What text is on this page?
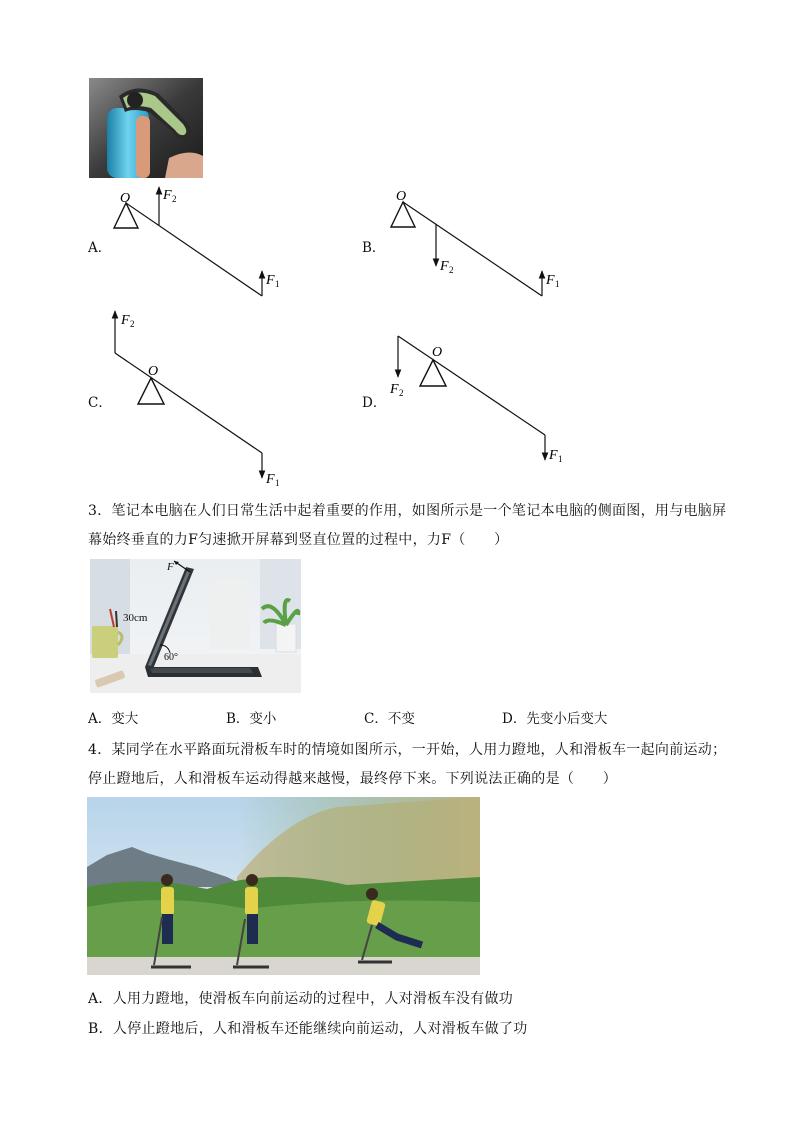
A．	B．
C．	D．
O F 2
F 1
O
F 2
F 1
F 2
O
F 1
F 2
O
F 1
3．笔记本电脑在人们日常生活中起着重要的作用，如图所示是一个笔记本电脑的侧面图，用与电脑屏
幕始终垂直的力F匀速掀开屏幕到竖直位置的过程中，力F（　　）
F
30cm
60°
A．变大	B．变小	C．不变	D．先变小后变大
4．某同学在水平路面玩滑板车时的情境如图所示，一开始，人用力蹬地，人和滑板车一起向前运动；
停止蹬地后，人和滑板车运动得越来越慢，最终停下来。下列说法正确的是（　　）
A．人用力蹬地，使滑板车向前运动的过程中，人对滑板车没有做功
B．人停止蹬地后，人和滑板车还能继续向前运动，人对滑板车做了功
